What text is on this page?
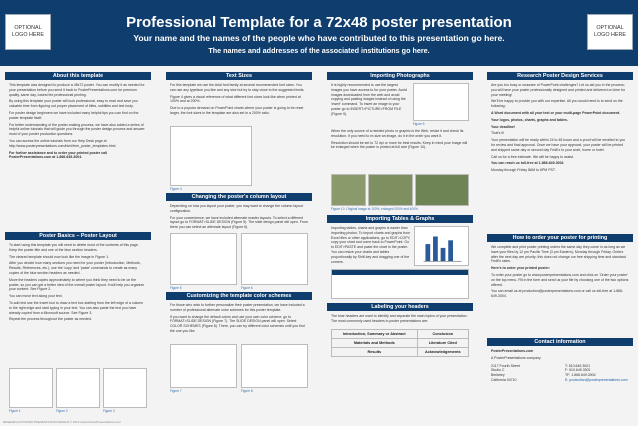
OPTIONAL LOGO HERE
Professional Template for a 72x48 poster presentation
Your name and the names of the people who have contributed to this presentation go here.
The names and addresses of the associated institutions go here.
OPTIONAL LOGO HERE
About this template

This template was designed to produce a 48x72 poster. You can modify it as needed for your presentation before you send it back to PosterPresentations.com for premium quality, same day, lowest fee professional printing.

By using this template your poster will look professional, easy to read and save you valuable time from figuring out proper placement of titles, subtitles and text body.

For poster design beginners we have included many helpful tips you can find on the poster template itself.

For better understanding of the poster-making process, we have also added a series of helpful online tutorials that will guide you through the poster design process and answer most of your poster production questions.

You can access the online tutorials from our Help Desk page at http://www.posterpresentations.com/html/free_poster_templates.html

For further assistance and to order your printed poster call PosterPresentations.com at 1-866-649-3004.

Poster Basics – Poster Layout

To start using this template you will need to delete most of the contents of this page. Keep the poster title and one of the blue section headers.

The cleared template should now look like the image in Figure 1.

After you decide how many sections you need for your poster (Introduction, Methods, Results, References, etc.), use the 'copy' and 'paste' commands to create as many copies of the blue section headers as needed.

Move the headers copies approximately to where you think they need to be on the poster, so you can get a better idea of the overall poster layout. It will help you organize your content. See Figure 2.

You can move text along your text.

To add text use the Insert tool to draw a text box starting from the left edge of a column to the right edge and start typing in your text. You can also paste the text you have already copied from a Microsoft source. See Figure 3.

Repeat the process throughout the poster as needed.

Figure 1	Figure 2	Figure 3
Text Sizes

For this template we use the Arial font family at several recommended font sizes. You can use any typeface you like and any size but try to stay close to the suggested limits.

Figure 4 gives a visual reference of what different font sizes look like when printed at 100% and at 200%.

Due to a popular demand on PowerPoint charts where your poster is going to be reset larger, the font sizes in the template are also set in a 200% ratio.

Figure 4
Changing the poster's column layout

Depending on how you layout your poster, you may want to change the column layout configuration.

For your convenience, we have included alternate master layouts. To select a different layout go to FORMAT>SLIDE DESIGN (Figure 5). The slide design panel will open. From there you can select an alternate layout (Figure 6).

Figure 5	Figure 6
Customizing the template color schemes

For those who wish to further personalize their poster presentation, we have included a number of professional alternate color schemes for this poster template.

If you want to change the default colors and use your own color scheme, go to FORMAT>SLIDE DESIGN (Figure 7). The SLIDE DESIGN panel will open. Select COLOR SCHEMES (Figure 8). There, you can try different color schemes until you find the one you like.

Figure 7	Figure 8
Importing Photographs

It is highly recommended to use the largest images you have access to for your poster. Avoid images downloaded from the web and avoid copying and pasting images instead of using the 'insert' command. To insert an image to your poster go to INSERT>PICTURE>FROM FILE (Figure 9).

Figure 9

When the only source of a needed photo or graphic is the Web, resize it and check its resolution. If you need to re-size an image, do it in the order you want it.

Resolution should be set to 72 dpi or more for best results. Keep in mind your image will be enlarged when the poster is printed at full size (Figure 10).

Figure 10. Original image at 100%, enlarged 200% and 400%.
Importing Tables & Graphs

Importing tables, charts and graphs is easier than importing photos. To import charts and graphs from Excel files or other applications, go to EDIT>COPY, copy your chart and come back to PowerPoint. Go to EDIT>PASTE and paste the chart in the poster. You can resize your charts and tables proportionally by Shift-key and dragging one of the corners.

Labeling your headers

The blue headers are used to identify and separate the main topics of your presentation. The most commonly used headers in poster presentations are:

Introduction, Summary or Abstract	Conclusion
Materials and Methods	Literature Cited
Results	Acknowledgements
Research Poster Design Services

Are you too busy or unaware of PowerPoint challenges? Let us aid you in the process; you will have your poster professionally designed and printed and delivered on time for your meeting!

We'll be happy to provide you with our expertise. All you would need is to send us the following:

A Word document with all your text or your multi-page PowerPoint document.

Your logos, photos, charts, graphs and tables.

Your deadline!

That's it!

Your presentation will be ready within 24 to 48 hours and a proof will be emailed to you for review and final approval. Once we have your approval, your poster will be printed and shipped same day or second day FedEx to your work, home or hotel.

Call us for a free estimate. We will be happy to assist.

You can reach us toll-free at 1-866-649-3004

Monday through Friday 8AM to 6PM PST.

How to order your poster for printing

We complete and print poster printing orders the same day they come in as long as we have your files by 12 pm Pacific Time (3 pm Eastern), Monday through Friday. Orders after the next day are priority; this does not change our free shipping time and standard FedEx rates.

Here's to order your printed poster:

To order your poster go to www.posterpresentations.com and click on 'Order your poster' on the top menu. Fill in the form and send us your file by choosing one of the two options offered.

You can email us at production@posterpresentations.com or call us toll-free at 1-866-649-3004.

Contact information

PosterPresentations.com

A PosterPresentations company

2117 Fourth Street
Studio C
Berkeley
California 94710
T: 510.649.3001
F: 510.649.3301
TF: 1.866.649.3004
E: production@posterpresentations.com
RESEARCH POSTER PRESENTATION DESIGN © 2012 www.PosterPresentations.com
